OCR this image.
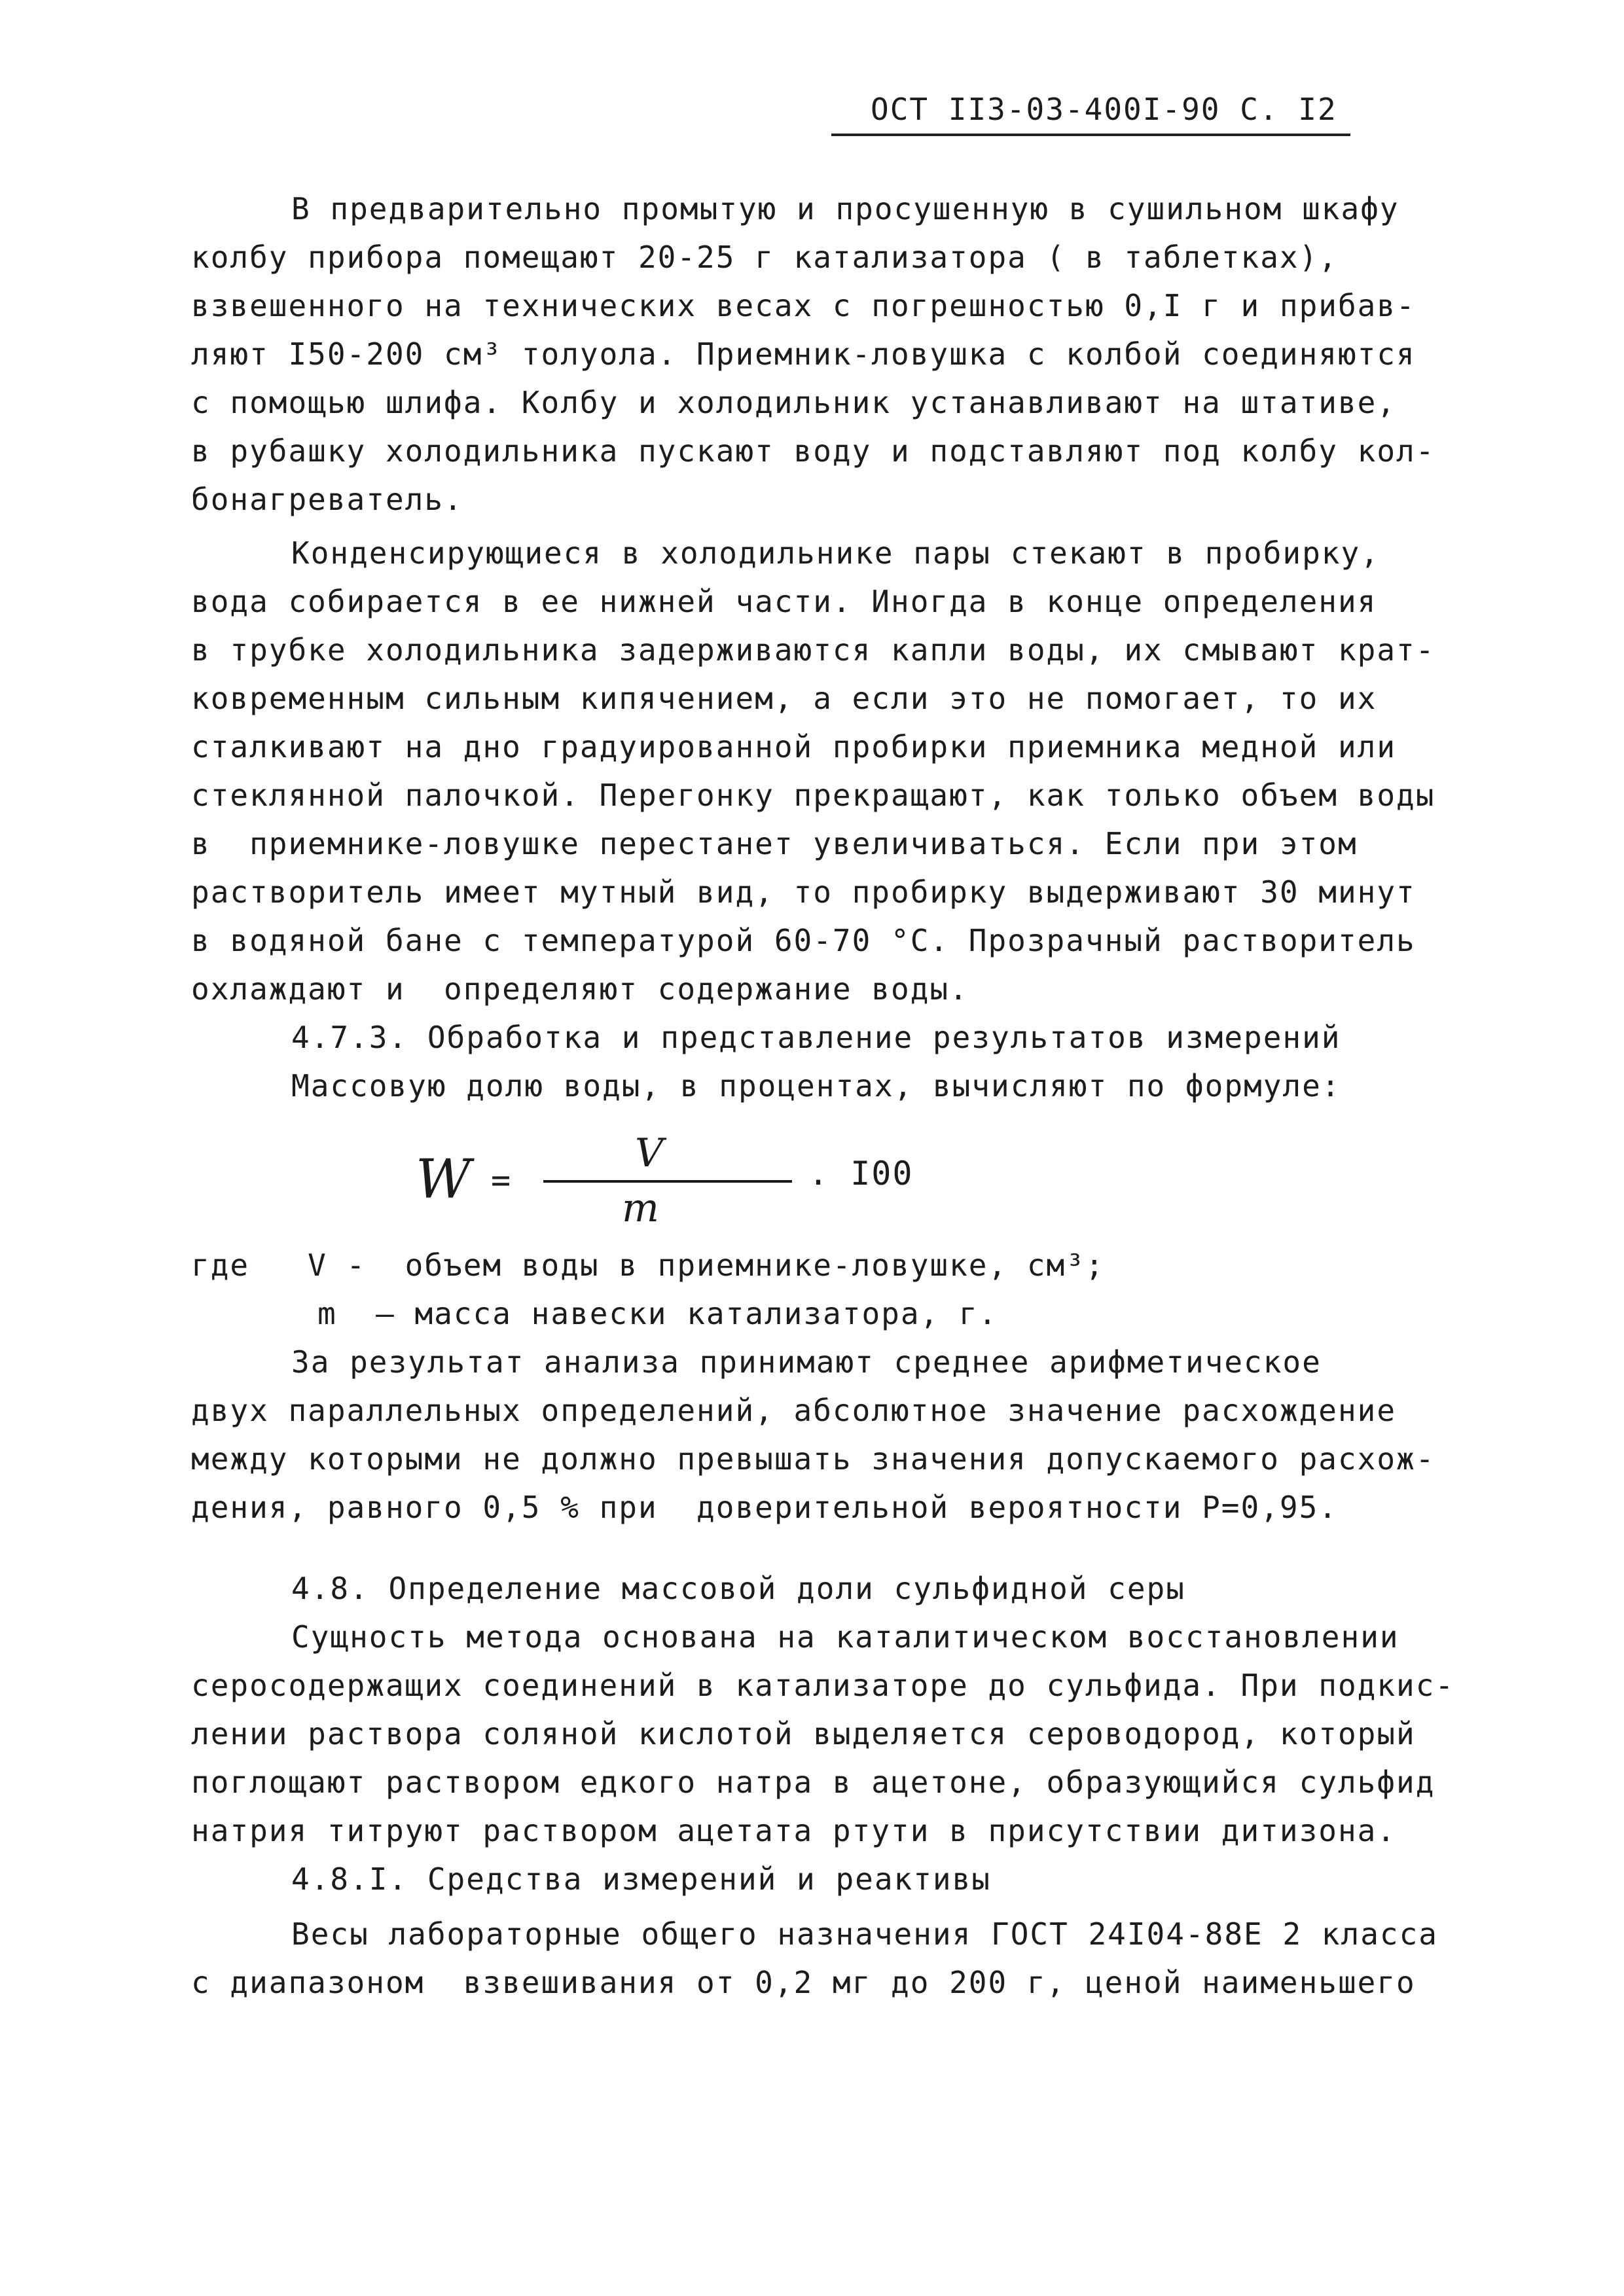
ОСТ II3-03-400I-90 С. I2
В предварительно промытую и просушенную в сушильном шкафу
колбу прибора помещают 20-25 г катализатора ( в таблетках),
взвешенного на технических весах с погрешностью 0,I г и прибав-
ляют I50-200 см³ толуола. Приемник-ловушка с колбой соединяются
с помощью шлифа. Колбу и холодильник устанавливают на штативе,
в рубашку холодильника пускают воду и подставляют под колбу кол-
бонагреватель.
Конденсирующиеся в холодильнике пары стекают в пробирку,
вода собирается в ее нижней части. Иногда в конце определения
в трубке холодильника задерживаются капли воды, их смывают крат-
ковременным сильным кипячением, а если это не помогает, то их
сталкивают на дно градуированной пробирки приемника медной или
стеклянной палочкой. Перегонку прекращают, как только объем воды
в  приемнике-ловушке перестанет увеличиваться. Если при этом
растворитель имеет мутный вид, то пробирку выдерживают 30 минут
в водяной бане с температурой 60-70 °С. Прозрачный растворитель
охлаждают и  определяют содержание воды.
4.7.3. Обработка и представление результатов измерений
Массовую долю воды, в процентах, вычисляют по формуле:
W =
V
m
. I00
где   V -  объем воды в приемнике-ловушке, см³;
m  – масса навески катализатора, г.
За результат анализа принимают среднее арифметическое
двух параллельных определений, абсолютное значение расхождение
между которыми не должно превышать значения допускаемого расхож-
дения, равного 0,5 % при  доверительной вероятности Р=0,95.
4.8. Определение массовой доли сульфидной серы
Сущность метода основана на каталитическом восстановлении
серосодержащих соединений в катализаторе до сульфида. При подкис-
лении раствора соляной кислотой выделяется сероводород, который
поглощают раствором едкого натра в ацетоне, образующийся сульфид
натрия титруют раствором ацетата ртути в присутствии дитизона.
4.8.I. Средства измерений и реактивы
Весы лабораторные общего назначения ГОСТ 24I04-88Е 2 класса
с диапазоном  взвешивания от 0,2 мг до 200 г, ценой наименьшего
